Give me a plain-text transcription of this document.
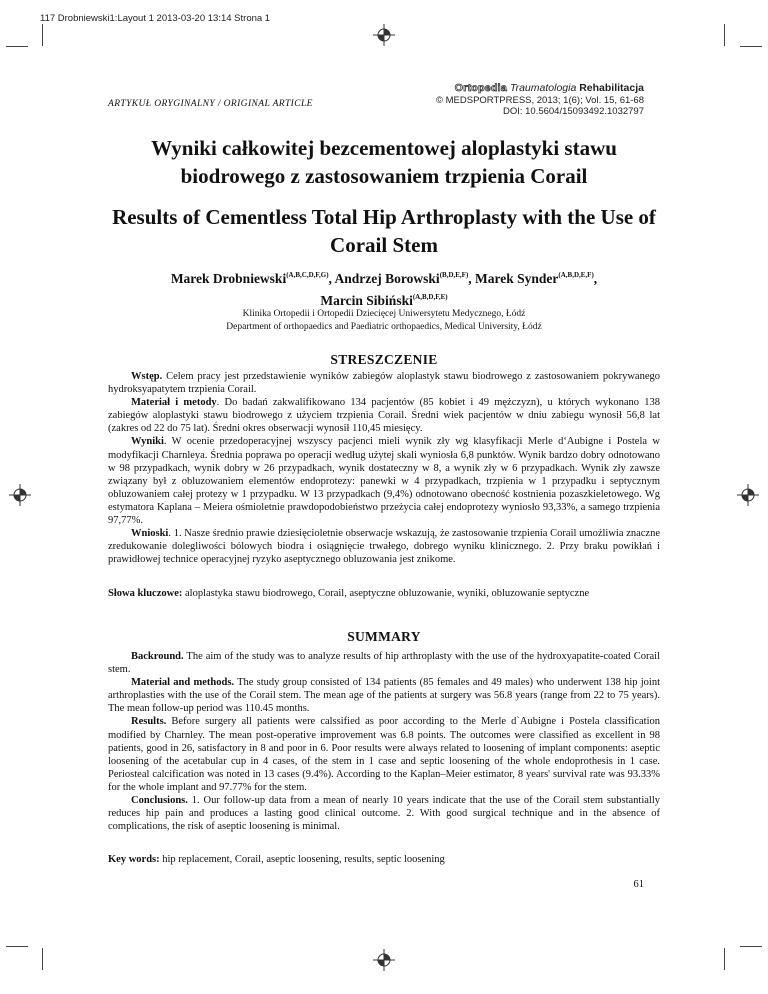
117 Drobniewski1:Layout 1 2013-03-20 13:14 Strona 1
Ortopedia Traumatologia Rehabilitacja
© MEDSPORTPRESS, 2013; 1(6); Vol. 15, 61-68
DOI: 10.5604/15093492.1032797
ARTYKUŁ ORYGINALNY / ORIGINAL ARTICLE
Wyniki całkowitej bezcementowej aloplastyki stawu biodrowego z zastosowaniem trzpienia Corail
Results of Cementless Total Hip Arthroplasty with the Use of Corail Stem
Marek Drobniewski$^{(A,B,C,D,F,G)}$, Andrzej Borowski$^{(B,D,E,F)}$, Marek Synder$^{(A,B,D,E,F)}$,
Marcin Sibiński$^{(A,B,D,F,E)}$
Klinika Ortopedii i Ortopedii Dziecięcej Uniwersytetu Medycznego, Łódź
Department of orthopaedics and Paediatric orthopaedics, Medical University, Łódź
STRESZCZENIE

Wstęp. Celem pracy jest przedstawienie wyników zabiegów aloplastyk stawu biodrowego z zastosowaniem pokrywanego hydroksyapatytem trzpienia Corail.

Materiał i metody. Do badań zakwalifikowano 134 pacjentów (85 kobiet i 49 mężczyzn), u których wykonano 138 zabiegów aloplastyki stawu biodrowego z użyciem trzpienia Corail. Średni wiek pacjentów w dniu zabiegu wynosił 56,8 lat (zakres od 22 do 75 lat). Średni okres obserwacji wynosił 110,45 miesięcy.

Wyniki. W ocenie przedoperacyjnej wszyscy pacjenci mieli wynik zły wg klasyfikacji Merle d‘Aubigne i Postela w modyfikacji Charnleya. Średnia poprawa po operacji według użytej skali wyniosła 6,8 punktów. Wynik bardzo dobry odnotowano w 98 przypadkach, wynik dobry w 26 przypadkach, wynik dostateczny w 8, a wynik zły w 6 przypadkach. Wynik zły zawsze związany był z obluzowaniem elementów endoprotezy: panewki w 4 przypadkach, trzpienia w 1 przypadku i septycznym obluzowaniem całej protezy w 1 przypadku. W 13 przypadkach (9,4%) odnotowano obecność kostnienia pozaszkieletowego. Wg estymatora Kaplana – Meiera ośmioletnie prawdopodobieństwo przeżycia całej endoprotezy wyniosło 93,33%, a samego trzpienia 97,77%.

Wnioski. 1. Nasze średnio prawie dziesięcioletnie obserwacje wskazują, że zastosowanie trzpienia Corail umożliwia znaczne zredukowanie dolegliwości bólowych biodra i osiągnięcie trwałego, dobrego wyniku klinicznego. 2. Przy braku powikłań i prawidłowej technice operacyjnej ryzyko aseptycznego obluzowania jest znikome.

Słowa kluczowe: aloplastyka stawu biodrowego, Corail, aseptyczne obluzowanie, wyniki, obluzowanie septyczne
SUMMARY

Backround. The aim of the study was to analyze results of hip arthroplasty with the use of the hydroxyapatite-coated Corail stem.

Material and methods. The study group consisted of 134 patients (85 females and 49 males) who underwent 138 hip joint arthroplasties with the use of the Corail stem. The mean age of the patients at surgery was 56.8 years (range from 22 to 75 years). The mean follow-up period was 110.45 months.

Results. Before surgery all patients were calssified as poor according to the Merle d`Aubigne i Postela classification modified by Charnley. The mean post-operative improvement was 6.8 points. The outcomes were classified as excellent in 98 patients, good in 26, satisfactory in 8 and poor in 6. Poor results were always related to loosening of implant components: aseptic loosening of the acetabular cup in 4 cases, of the stem in 1 case and septic loosening of the whole endoprothesis in 1 case. Periosteal calcification was noted in 13 cases (9.4%). According to the Kaplan–Meier estimator, 8 years' survival rate was 93.33% for the whole implant and 97.77% for the stem.

Conclusions. 1. Our follow-up data from a mean of nearly 10 years indicate that the use of the Corail stem substantially reduces hip pain and produces a lasting good clinical outcome. 2. With good surgical technique and in the absence of complications, the risk of aseptic loosening is minimal.

Key words: hip replacement, Corail, aseptic loosening, results, septic loosening
61
